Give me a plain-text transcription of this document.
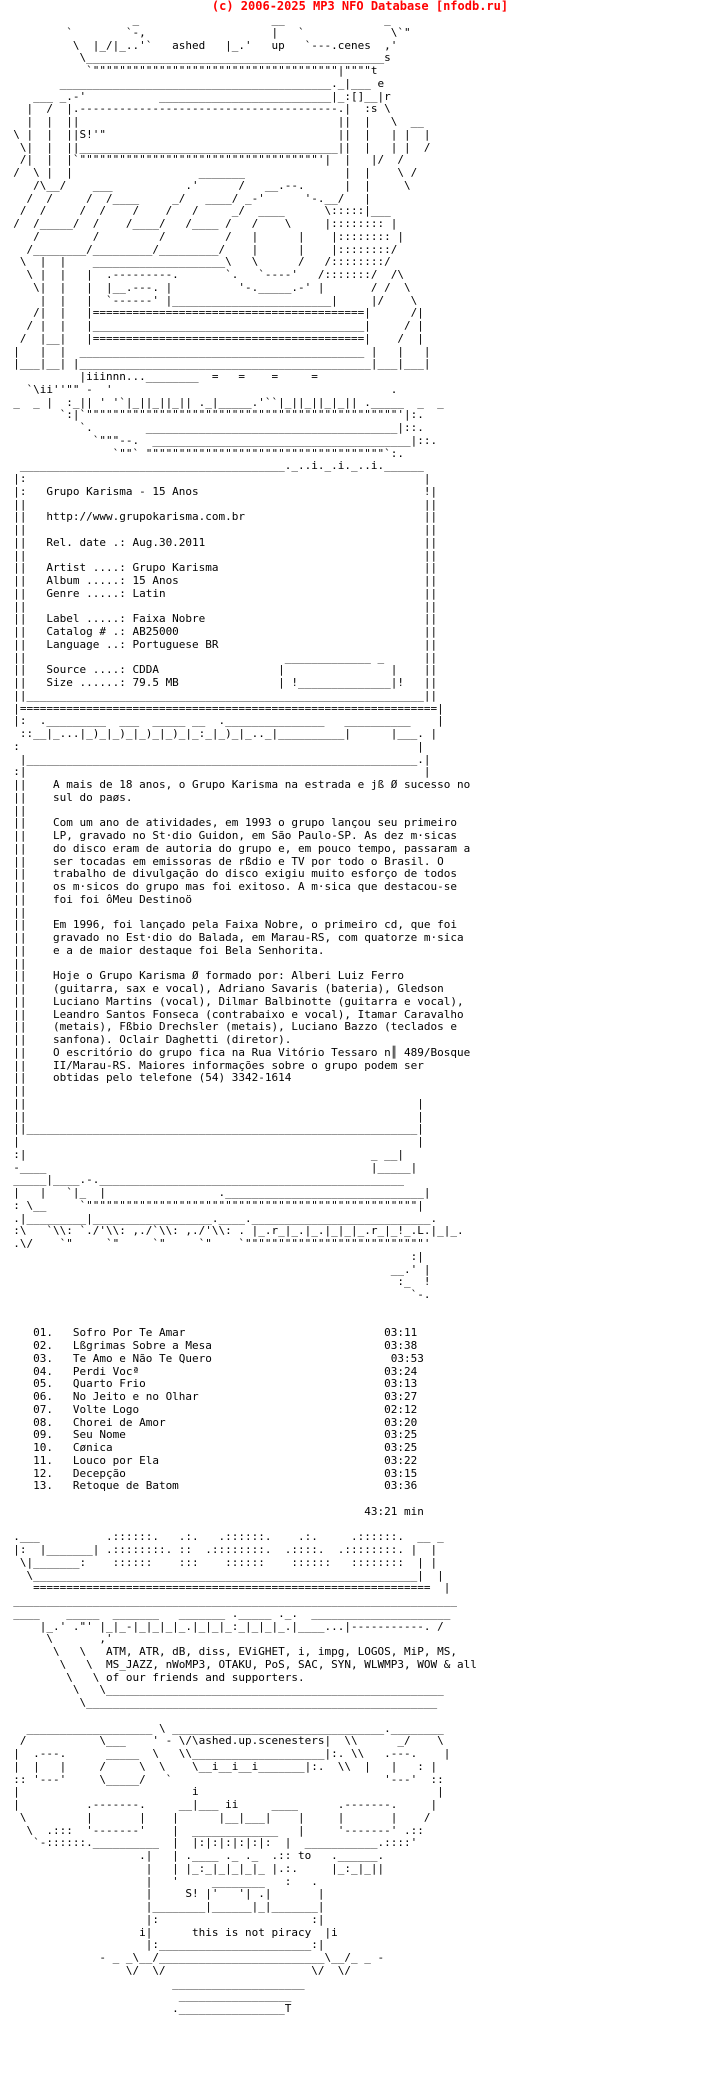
(c) 2006-2025 MP3 NFO Database [nfodb.ru]
_                    __               _
`        `-,                   |   `             \`"
\  |_/|_..'`   ashed   |_.'   up   `---.cenes  ,'
\_____________________________________________s
`"""""""""""""""""""""""""""""""""""""|""""t
_________________________________________._|___ e
___ _.-'           __________________________|_:[]__|r
|  /  |.---------------------------------------.|  :s \
|  |  ||                                       ||  |   \  __
\ |  |  ||S!'"                                   ||  |   | |  |
\|  |  ||_______________________________________||  |   | |  /
/|  |  |`""""""""""""""""""""""""""""""""""""'|  |   |/  /
/  \ |  |                   _______               |  |    \ /
/\__/    ___           .'      /   __.--.      |  |     \
/  /     /  /____     _/   ____/ _-'      '-.__/   |
/  /     /  /    /    /   /     _/  ____      \:::::|___
/  /_____/  /    /____/   /____ /   /    \     |:::::::: |
/        /         /         /   |      |    |:::::::: |
/________/_________/_________/    |      |    |::::::::/
\  |  |    ____________________\   \      /   /::::::::/
\ |  |   |  .---------.       `.   `----'   /:::::::/  /\
\|  |   |  |__.---. |          '-._____.-' |       / /  \
|  |   |  `------' |________________________|     |/    \
/|  |   |=========================================|      /|
/ |  |   |_________________________________________|     / |
/  |__|   |=========================================|    /  |
|   |  |  ___________________________________________ |   |   |
|___|__| |____________________________________________|___|___|
|iiinnn...________  =   =    =     =
`\ii''"" -  '                                          .
_  _ |  :_|| ' '`|_||_||_|| ._|_____.'``|_||_||_|_|| ._____  _  _
`:|`"""""""""""""""""""""""""""""""""""""""""""""""'|:.
`.        ______________________________________|::.
`"""--.  _______________________________________|::.
`""` """"""""""""""""""""""""""""""""""""`:.
________________________________________._..i._.i._..i.______
|:                                                            |
|:   Grupo Karisma - 15 Anos                                  !|
||                                                            ||
||   http://www.grupokarisma.com.br                           ||
||                                                            ||
||   Rel. date .: Aug.30.2011                                 ||
||                                                            ||
||   Artist ....: Grupo Karisma                               ||
||   Album .....: 15 Anos                                     ||
||   Genre .....: Latin                                       ||
||                                                            ||
||   Label .....: Faixa Nobre                                 ||
||   Catalog # .: AB25000                                     ||
||   Language ..: Portuguese BR                               ||
||                                       _____________ _      ||
||   Source ....: CDDA                  |                |    ||
||   Size ......: 79.5 MB               | !______________|!   ||
||____________________________________________________________||
|===============================================================|
|:  ._________  ___  _____ __  ._______________   __________    |
::__|_...|_)_|_)_|_)_|_)_|_:_|_)_|_.._|__________|      |___. |
:                                                            |
|___________________________________________________________.|
:|                                                            |
||    A mais de 18 anos, o Grupo Karisma na estrada e jß Ø sucesso no
||    sul do paøs.
||
||    Com um ano de atividades, em 1993 o grupo lançou seu primeiro
||    LP, gravado no St·dio Guidon, em São Paulo-SP. As dez m·sicas
||    do disco eram de autoria do grupo e, em pouco tempo, passaram a
||    ser tocadas em emissoras de rßdio e TV por todo o Brasil. O
||    trabalho de divulgação do disco exigiu muito esforço de todos
||    os m·sicos do grupo mas foi exitoso. A m·sica que destacou-se
||    foi foi ôMeu Destinoö
||
||    Em 1996, foi lançado pela Faixa Nobre, o primeiro cd, que foi
||    gravado no Est·dio do Balada, em Marau-RS, com quatorze m·sica
||    e a de maior destaque foi Bela Senhorita.
||
||    Hoje o Grupo Karisma Ø formado por: Alberi Luiz Ferro
||    (guitarra, sax e vocal), Adriano Savaris (bateria), Gledson
||    Luciano Martins (vocal), Dilmar Balbinotte (guitarra e vocal),
||    Leandro Santos Fonseca (contrabaixo e vocal), Itamar Caravalho
||    (metais), Fßbio Drechsler (metais), Luciano Bazzo (teclados e
||    sanfona). Oclair Daghetti (diretor).
||    O escritório do grupo fica na Rua Vitório Tessaro n║ 489/Bosque
||    II/Marau-RS. Maiores informações sobre o grupo podem ser
||    obtidas pelo telefone (54) 3342-1614
||
||                                                           |
||                                                           |
||___________________________________________________________|
|                                                            |
:|                                                    _ __|
-____                                                 |_____|
_____|____.-.______________________________________________
|   |   `|_  |                 .______________________________|
: \__     `""""""""""""""""""""""""""""""""""""""""""""""""""|
.|_________|__________________.____.___________________________.
:\   `\\: `./'\\: ,./`\\: ,./'\\: . |_.r_|_.|_.|_|_|_.r_|_!_.L.|_|_.
.\/    `"     `"     `"     `"    `"""""""""""""""""""""""""""'
:|
__.' |
:_  !
`-.
01.   Sofro Por Te Amar                              03:11
02.   Lßgrimas Sobre a Mesa                          03:38
03.   Te Amo e Não Te Quero                           03:53
04.   Perdi Vocª                                     03:24
05.   Quarto Frio                                    03:13
06.   No Jeito e no Olhar                            03:27
07.   Volte Logo                                     02:12
08.   Chorei de Amor                                 03:20
09.   Seu Nome                                       03:25
10.   Cønica                                         03:25
11.   Louco por Ela                                  03:22
12.   Decepção                                       03:15
13.   Retoque de Batom                               03:36
43:21 min
.___          .::::::.   .:.   .::::::.    .:.     .::::::.  __ _
|:  |_______| .::::::::. ::  .::::::::.  .::::.  .::::::::. |  |
\|_______:    ::::::    :::    ::::::    ::::::   ::::::::  | |
\__________________________________________________________|  |
============================================================  |
___________________________________________________________________
____    _____  _______   _______ ._____ ._.  _____________________
|_.' ."' |_|_-|_|_|_|_.|_|_|_:_|_|_|_.|____...|-----------. /
\       ,'
\   \   ATM, ATR, dB, diss, EViGHET, i, impg, LOGOS, MiP, MS,
\   \  MS_JAZZ, nWoMP3, OTAKU, PoS, SAC, SYN, WLWMP3, WOW & all
\   \ of our friends and supporters.
\   \___________________________________________________
\_____________________________________________________
___________________ \ ________________________________.________
/           \___    ' - \/\ashed.up.scenesters|  \\      _/    \
|  .---.      _____  \   \\____________________|:. \\   .---.    |
|  |   |     /     \  \    \__i__i__i_______|:.  \\  |   |   : |
:: '---'     \_____/   `                                '---'  ::
|                          i                                    |
|          .-------.     __|___ ii     ____      .-------.     |
\         |       |    |      |__|___|    |     |       |    /
\  .:::  '-------'    |  _____________   |     '-------' .::
`-::::::.__________  |  |:|:|:|:|:|:  |  ___________.::::'
.|   | .____ ._ ._  .:: to   .______.
|   | |_:_|_|_|_|_ |.:.     |_:_|_||
|   '     ________   :   .
|     S! |'   '| .|       |
|________|______|_|_______|
|:                       :|
i|      this is not piracy  |i
|:_______________________:|
- _ _\__/_________________________\__/_ _ -
\/  \/                      \/  \/
____________________
_________________
.________________T
